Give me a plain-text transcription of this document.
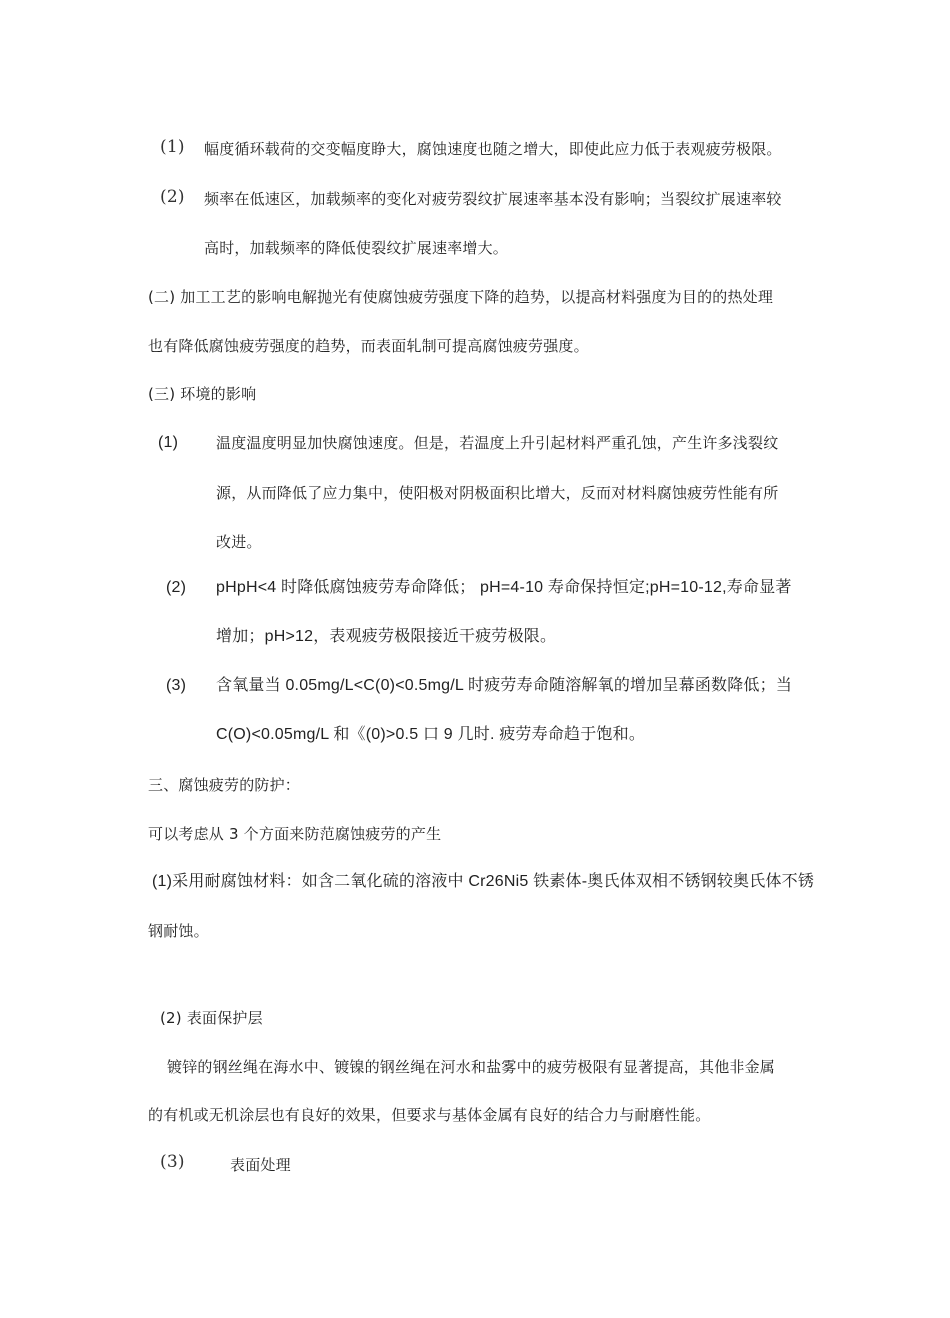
(1) 幅度循环载荷的交变幅度睁大，腐蚀速度也随之增大，即使此应力低于表观疲劳极限。
(2) 频率在低速区，加载频率的变化对疲劳裂纹扩展速率基本没有影响；当裂纹扩展速率较
高时，加载频率的降低使裂纹扩展速率增大。
(二) 加工工艺的影响电解抛光有使腐蚀疲劳强度下降的趋势，以提高材料强度为目的的热处理
也有降低腐蚀疲劳强度的趋势，而表面轧制可提高腐蚀疲劳强度。
(三) 环境的影响
(1)	温度温度明显加快腐蚀速度。但是，若温度上升引起材料严重孔蚀，产生许多浅裂纹
源，从而降低了应力集中，使阳极对阴极面积比增大，反而对材料腐蚀疲劳性能有所
改进。
(2) pHpH<4 时降低腐蚀疲劳寿命降低； pH=4-10 寿命保持恒定;pH=10-12,寿命显著
增加；pH>12，表观疲劳极限接近干疲劳极限。
(3) 含氧量当 0.05mg/L<C(0)<0.5mg/L 时疲劳寿命随溶解氧的增加呈幕函数降低；当
C(O)<0.05mg/L 和《(0)>0.5 口 9 几时. 疲劳寿命趋于饱和。
三、腐蚀疲劳的防护：
可以考虑从 3 个方面来防范腐蚀疲劳的产生
(1)采用耐腐蚀材料：如含二氧化硫的溶液中 Cr26Ni5 铁素体-奥氏体双相不锈钢较奥氏体不锈
钢耐蚀。
(2) 表面保护层
镀锌的钢丝绳在海水中、镀镍的钢丝绳在河水和盐雾中的疲劳极限有显著提高，其他非金属
的有机或无机涂层也有良好的效果，但要求与基体金属有良好的结合力与耐磨性能。
(3)	表面处理
